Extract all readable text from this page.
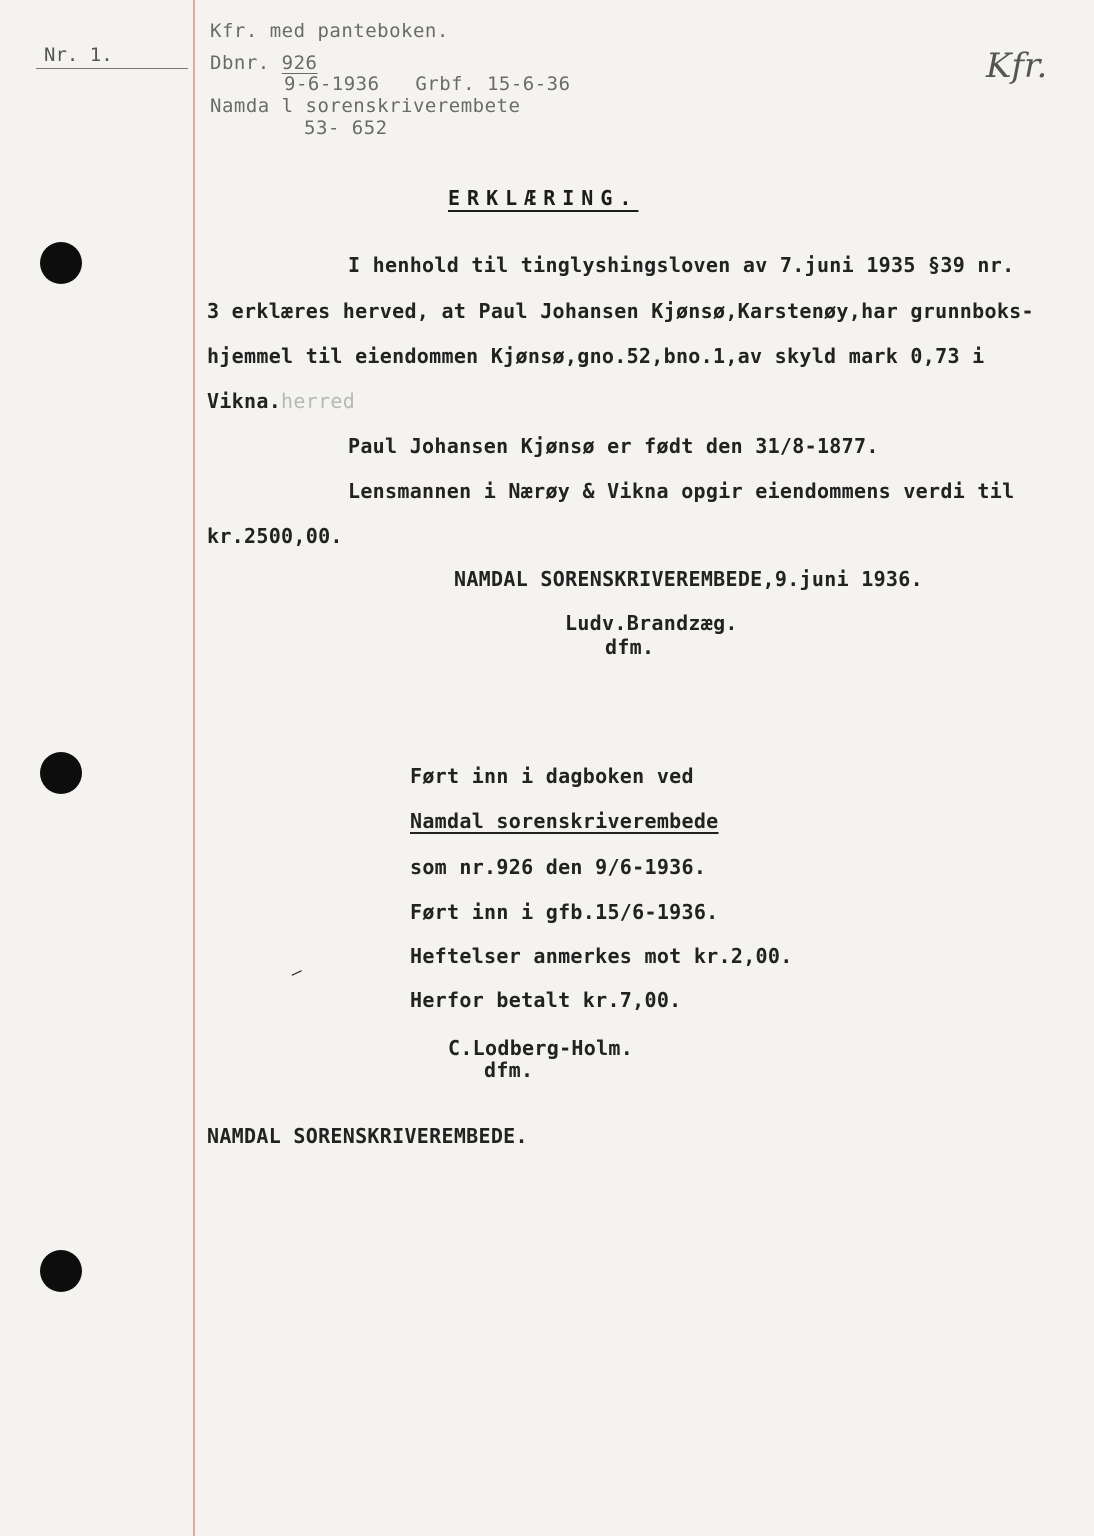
Nr. 1.
Kfr. med panteboken.
Dbnr. 926
9-6-1936   Grbf. 15-6-36
Namda l sorenskriverembete
53- 652
Kfr.
ERKLÆRING.
I henhold til tinglyshingsloven av 7.juni 1935 §39 nr.
3 erklæres herved, at Paul Johansen Kjønsø,Karstenøy,har grunnboks-
hjemmel til eiendommen Kjønsø,gno.52,bno.1,av skyld mark 0,73 i
Vikna.herred
Paul Johansen Kjønsø er født den 31/8-1877.
Lensmannen i Nærøy & Vikna opgir eiendommens verdi til
kr.2500,00.
NAMDAL SORENSKRIVEREMBEDE,9.juni 1936.
Ludv.Brandzæg.
dfm.
Ført inn i dagboken ved
Namdal sorenskriverembede
som nr.926 den 9/6-1936.
Ført inn i gfb.15/6-1936.
—
Heftelser anmerkes mot kr.2,00.
Herfor betalt kr.7,00.
C.Lodberg-Holm.
dfm.
NAMDAL SORENSKRIVEREMBEDE.
